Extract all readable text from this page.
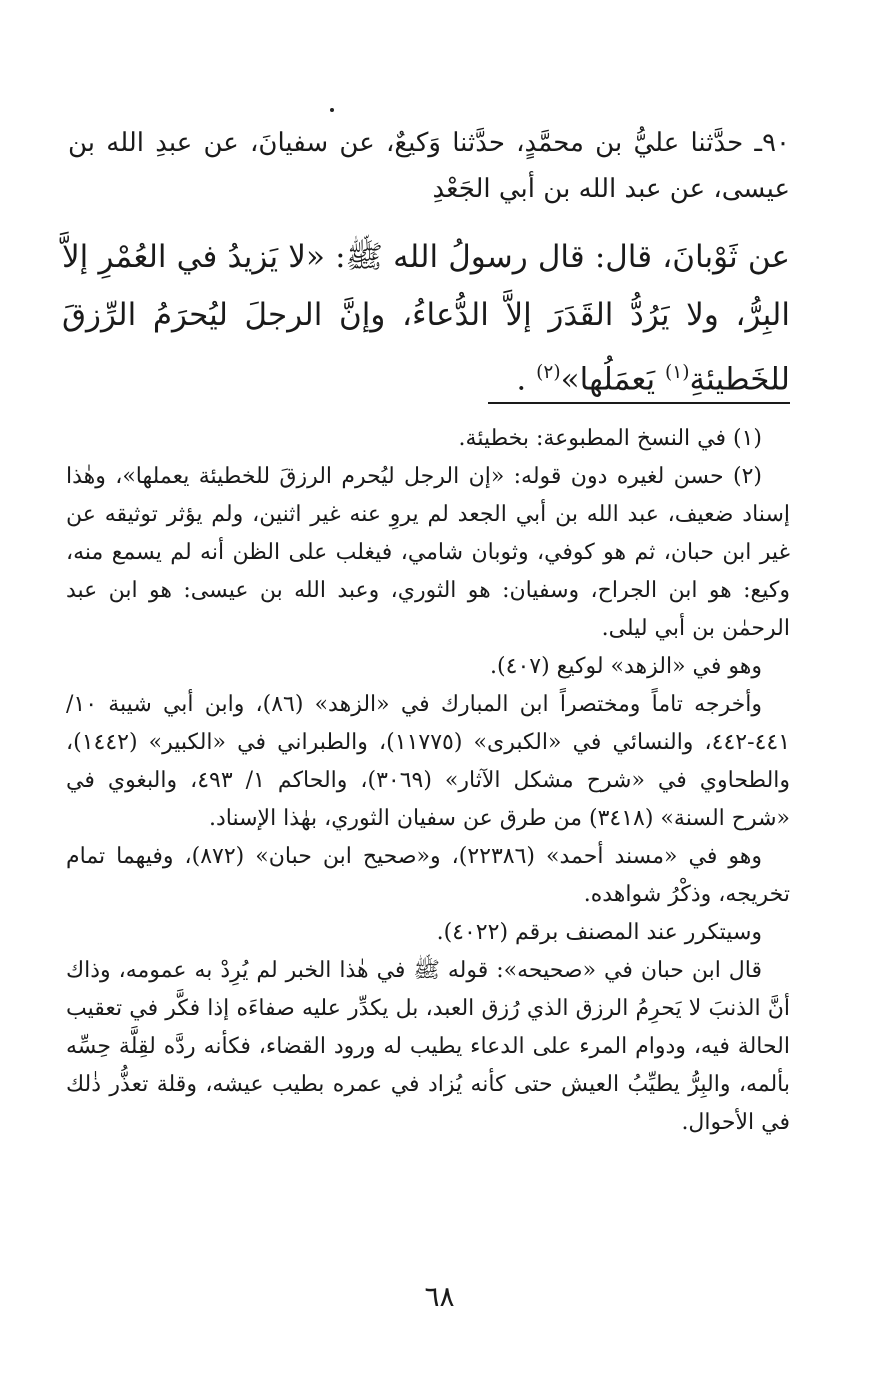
٩٠ـ حدَّثنا عليُّ بن محمَّدٍ، حدَّثنا وَكيعٌ، عن سفيانَ، عن عبدِ الله بن عيسى، عن عبد الله بن أبي الجَعْدِ
عن ثَوْبانَ، قال: قال رسولُ الله ﷺ: «لا يَزيدُ في العُمْرِ إلاَّ البِرُّ، ولا يَرُدُّ القَدَرَ إلاَّ الدُّعاءُ، وإنَّ الرجلَ ليُحرَمُ الرِّزقَ للخَطيئةِ$^{(١)}$ يَعمَلُها»$^{(٢)}$ .

(١) في النسخ المطبوعة: بخطيئة.

(٢) حسن لغيره دون قوله: «إن الرجل ليُحرم الرزقَ للخطيئة يعملها»، وهٰذا إسناد ضعيف، عبد الله بن أبي الجعد لم يروِ عنه غير اثنين، ولم يؤثر توثيقه عن غير ابن حبان، ثم هو كوفي، وثوبان شامي، فيغلب على الظن أنه لم يسمع منه، وكيع: هو ابن الجراح، وسفيان: هو الثوري، وعبد الله بن عيسى: هو ابن عبد الرحمٰن بن أبي ليلى.

وهو في «الزهد» لوكيع (٤٠٧).

وأخرجه تاماً ومختصراً ابن المبارك في «الزهد» (٨٦)، وابن أبي شيبة ١٠/ ٤٤١-٤٤٢، والنسائي في «الكبرى» (١١٧٧٥)، والطبراني في «الكبير» (١٤٤٢)، والطحاوي في «شرح مشكل الآثار» (٣٠٦٩)، والحاكم ١/ ٤٩٣، والبغوي في «شرح السنة» (٣٤١٨) من طرق عن سفيان الثوري، بهٰذا الإسناد.

وهو في «مسند أحمد» (٢٢٣٨٦)، و«صحيح ابن حبان» (٨٧٢)، وفيهما تمام تخريجه، وذكْرُ شواهده.

وسيتكرر عند المصنف برقم (٤٠٢٢).

قال ابن حبان في «صحيحه»: قوله ﷺ في هٰذا الخبر لم يُرِدْ به عمومه، وذاك أنَّ الذنبَ لا يَحرِمُ الرزق الذي رُزق العبد، بل يكدِّر عليه صفاءَه إذا فكَّر في تعقيب الحالة فيه، ودوام المرء على الدعاء يطيب له ورود القضاء، فكأنه ردَّه لقِلَّة حِسِّه بألمه، والبِرُّ يطيِّبُ العيش حتى كأنه يُزاد في عمره بطيب عيشه، وقلة تعذُّر ذٰلك في الأحوال.

٦٨
